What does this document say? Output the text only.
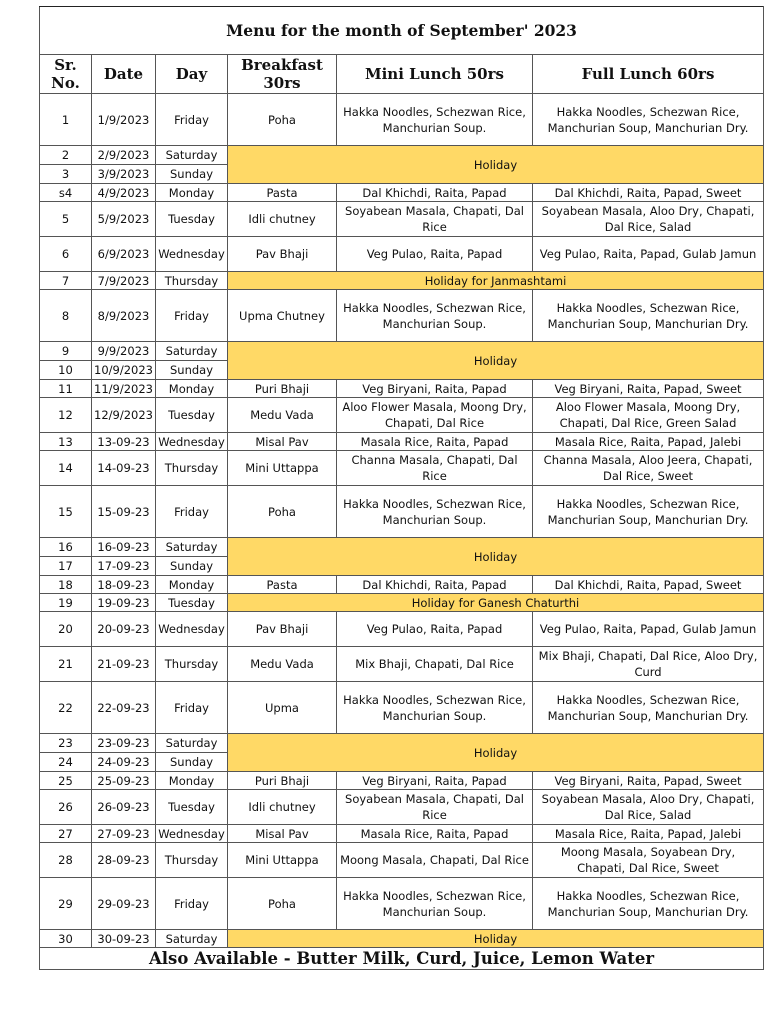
Menu for the month of September' 2023					
Sr. No.	Date	Day	Breakfast 30rs	Mini Lunch 50rs	Full Lunch 60rs
1	1/9/2023	Friday	Poha	Hakka Noodles, Schezwan Rice, Manchurian Soup.	Hakka Noodles, Schezwan Rice, Manchurian Soup, Manchurian Dry.
2	2/9/2023	Saturday	Holiday		
3	3/9/2023	Sunday			
s4	4/9/2023	Monday	Pasta	Dal Khichdi, Raita, Papad	Dal Khichdi, Raita, Papad, Sweet
5	5/9/2023	Tuesday	Idli chutney	Soyabean Masala, Chapati, Dal Rice	Soyabean Masala, Aloo Dry, Chapati, Dal Rice, Salad
6	6/9/2023	Wednesday	Pav Bhaji	Veg Pulao, Raita, Papad	Veg Pulao, Raita, Papad, Gulab Jamun
7	7/9/2023	Thursday	Holiday for Janmashtami		
8	8/9/2023	Friday	Upma Chutney	Hakka Noodles, Schezwan Rice, Manchurian Soup.	Hakka Noodles, Schezwan Rice, Manchurian Soup, Manchurian Dry.
9	9/9/2023	Saturday	Holiday		
10	10/9/2023	Sunday			
11	11/9/2023	Monday	Puri Bhaji	Veg Biryani, Raita, Papad	Veg Biryani, Raita, Papad, Sweet
12	12/9/2023	Tuesday	Medu Vada	Aloo Flower Masala, Moong Dry, Chapati, Dal Rice	Aloo Flower Masala, Moong Dry, Chapati, Dal Rice, Green Salad
13	13-09-23	Wednesday	Misal Pav	Masala Rice, Raita, Papad	Masala Rice, Raita, Papad, Jalebi
14	14-09-23	Thursday	Mini Uttappa	Channa Masala, Chapati, Dal Rice	Channa Masala, Aloo Jeera, Chapati, Dal Rice, Sweet
15	15-09-23	Friday	Poha	Hakka Noodles, Schezwan Rice, Manchurian Soup.	Hakka Noodles, Schezwan Rice, Manchurian Soup, Manchurian Dry.
16	16-09-23	Saturday	Holiday		
17	17-09-23	Sunday			
18	18-09-23	Monday	Pasta	Dal Khichdi, Raita, Papad	Dal Khichdi, Raita, Papad, Sweet
19	19-09-23	Tuesday	Holiday for Ganesh Chaturthi		
20	20-09-23	Wednesday	Pav Bhaji	Veg Pulao, Raita, Papad	Veg Pulao, Raita, Papad, Gulab Jamun
21	21-09-23	Thursday	Medu Vada	Mix Bhaji, Chapati, Dal Rice	Mix Bhaji, Chapati, Dal Rice, Aloo Dry, Curd
22	22-09-23	Friday	Upma	Hakka Noodles, Schezwan Rice, Manchurian Soup.	Hakka Noodles, Schezwan Rice, Manchurian Soup, Manchurian Dry.
23	23-09-23	Saturday	Holiday		
24	24-09-23	Sunday			
25	25-09-23	Monday	Puri Bhaji	Veg Biryani, Raita, Papad	Veg Biryani, Raita, Papad, Sweet
26	26-09-23	Tuesday	Idli chutney	Soyabean Masala, Chapati, Dal Rice	Soyabean Masala, Aloo Dry, Chapati, Dal Rice, Salad
27	27-09-23	Wednesday	Misal Pav	Masala Rice, Raita, Papad	Masala Rice, Raita, Papad, Jalebi
28	28-09-23	Thursday	Mini Uttappa	Moong Masala, Chapati, Dal Rice	Moong Masala, Soyabean Dry, Chapati, Dal Rice, Sweet
29	29-09-23	Friday	Poha	Hakka Noodles, Schezwan Rice, Manchurian Soup.	Hakka Noodles, Schezwan Rice, Manchurian Soup, Manchurian Dry.
30	30-09-23	Saturday	Holiday		
Also Available - Butter Milk, Curd, Juice, Lemon Water					
